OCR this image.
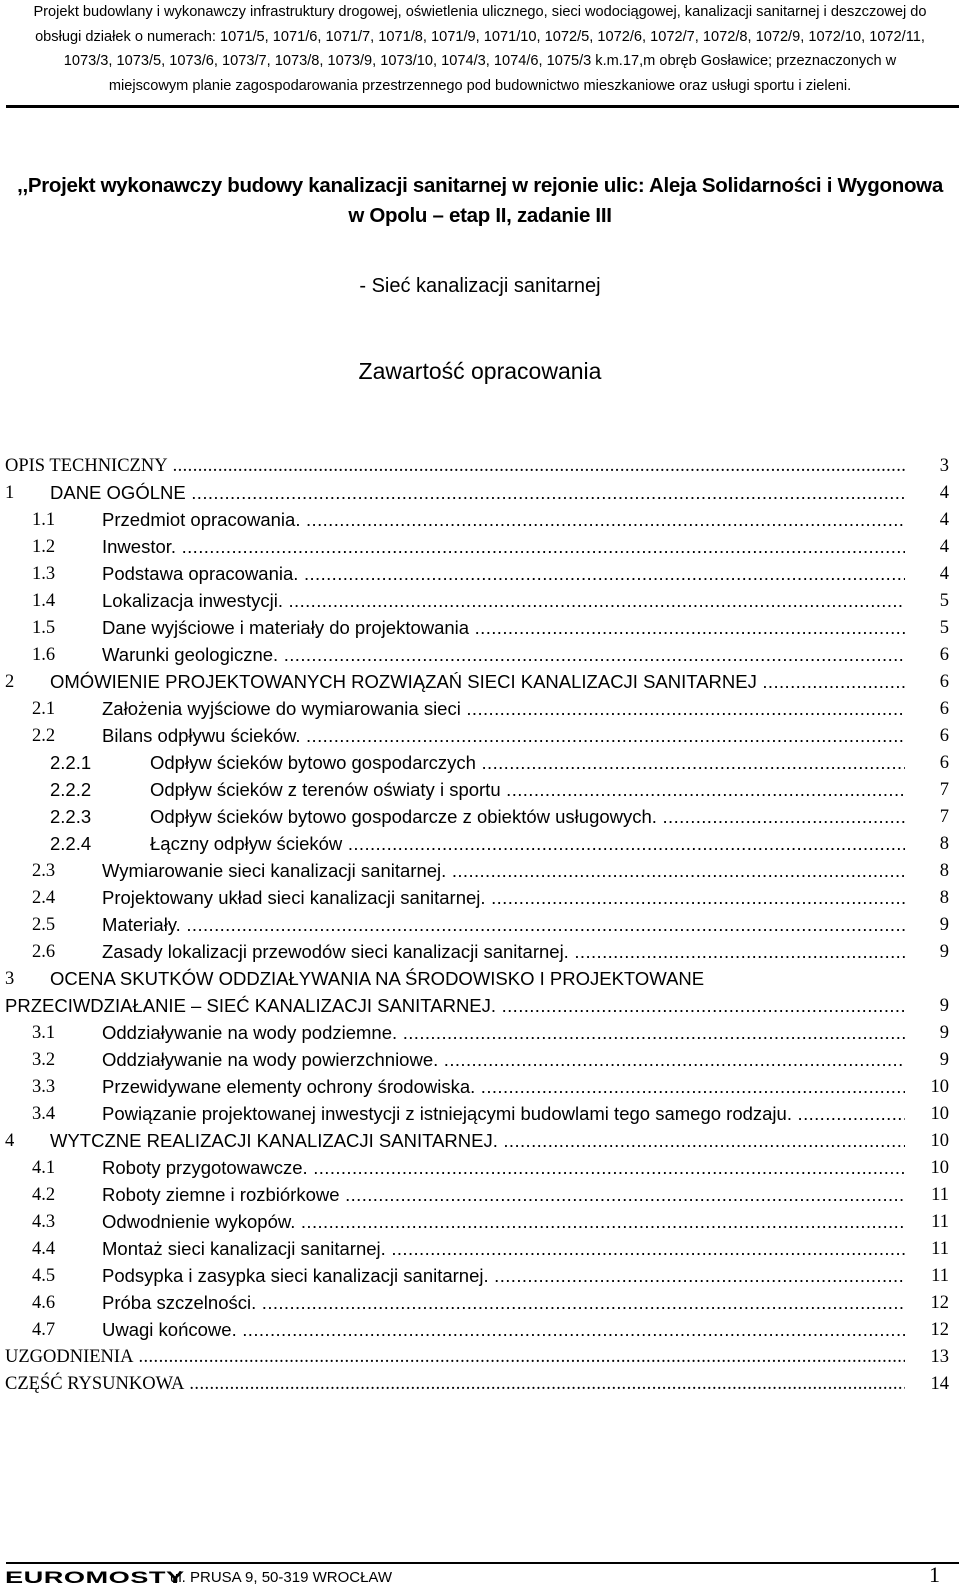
Projekt budowlany i wykonawczy infrastruktury drogowej, oświetlenia ulicznego, sieci wodociągowej, kanalizacji sanitarnej i deszczowej do
obsługi działek o numerach: 1071/5, 1071/6, 1071/7, 1071/8, 1071/9, 1071/10, 1072/5, 1072/6, 1072/7, 1072/8, 1072/9, 1072/10, 1072/11,
1073/3, 1073/5, 1073/6, 1073/7, 1073/8, 1073/9, 1073/10, 1074/3, 1074/6, 1075/3 k.m.17,m obręb Gosławice; przeznaczonych w
miejscowym planie zagospodarowania przestrzennego pod budownictwo mieszkaniowe oraz usługi sportu i zieleni.
,,Projekt wykonawczy budowy kanalizacji sanitarnej w rejonie ulic: Aleja Solidarności i Wygonowa
w Opolu – etap II, zadanie III
- Sieć kanalizacji sanitarnej
Zawartość opracowania
OPIS TECHNICZNY .....	3
1 DANE OGÓLNE .....	4
1.1	Przedmiot opracowania. .....	4
1.2	Inwestor. .....	4
1.3	Podstawa opracowania. .....	4
1.4	Lokalizacja inwestycji. .....	5
1.5	Dane wyjściowe i materiały do projektowania .....	5
1.6	Warunki geologiczne. .....	6
2 OMÓWIENIE PROJEKTOWANYCH ROZWIĄZAŃ SIECI KANALIZACJI SANITARNEJ .....	6
2.1	Założenia wyjściowe do wymiarowania sieci .....	6
2.2	Bilans odpływu ścieków. .....	6
2.2.1	Odpływ ścieków bytowo gospodarczych .....	6
2.2.2	Odpływ ścieków z terenów oświaty i sportu .....	7
2.2.3	Odpływ ścieków bytowo gospodarcze z obiektów usługowych. .....	7
2.2.4	Łączny odpływ ścieków .....	8
2.3	Wymiarowanie sieci kanalizacji sanitarnej. .....	8
2.4	Projektowany układ sieci kanalizacji sanitarnej. .....	8
2.5	Materiały. .....	9
2.6	Zasady lokalizacji przewodów sieci kanalizacji sanitarnej. .....	9
3 OCENA SKUTKÓW ODDZIAŁYWANIA NA ŚRODOWISKO I PROJEKTOWANE
PRZECIWDZIAŁANIE – SIEĆ KANALIZACJI SANITARNEJ. .....	9
3.1	Oddziaływanie na wody podziemne. .....	9
3.2	Oddziaływanie na wody powierzchniowe. .....	9
3.3	Przewidywane elementy ochrony środowiska. .....	10
3.4	Powiązanie projektowanej inwestycji z istniejącymi budowlami tego samego rodzaju. .....	10
4 WYTCZNE REALIZACJI KANALIZACJI SANITARNEJ. .....	10
4.1	Roboty przygotowawcze. .....	10
4.2	Roboty ziemne i rozbiórkowe .....	11
4.3	Odwodnienie wykopów. .....	11
4.4	Montaż sieci kanalizacji sanitarnej. .....	11
4.5	Podsypka i zasypka sieci kanalizacji sanitarnej. .....	11
4.6	Próba szczelności. .....	12
4.7	Uwagi końcowe. .....	12
UZGODNIENIA .....	13
CZĘŚĆ RYSUNKOWA .....	14
EUROMOSTY
ul. PRUSA 9, 50-319 WROCŁAW	1
